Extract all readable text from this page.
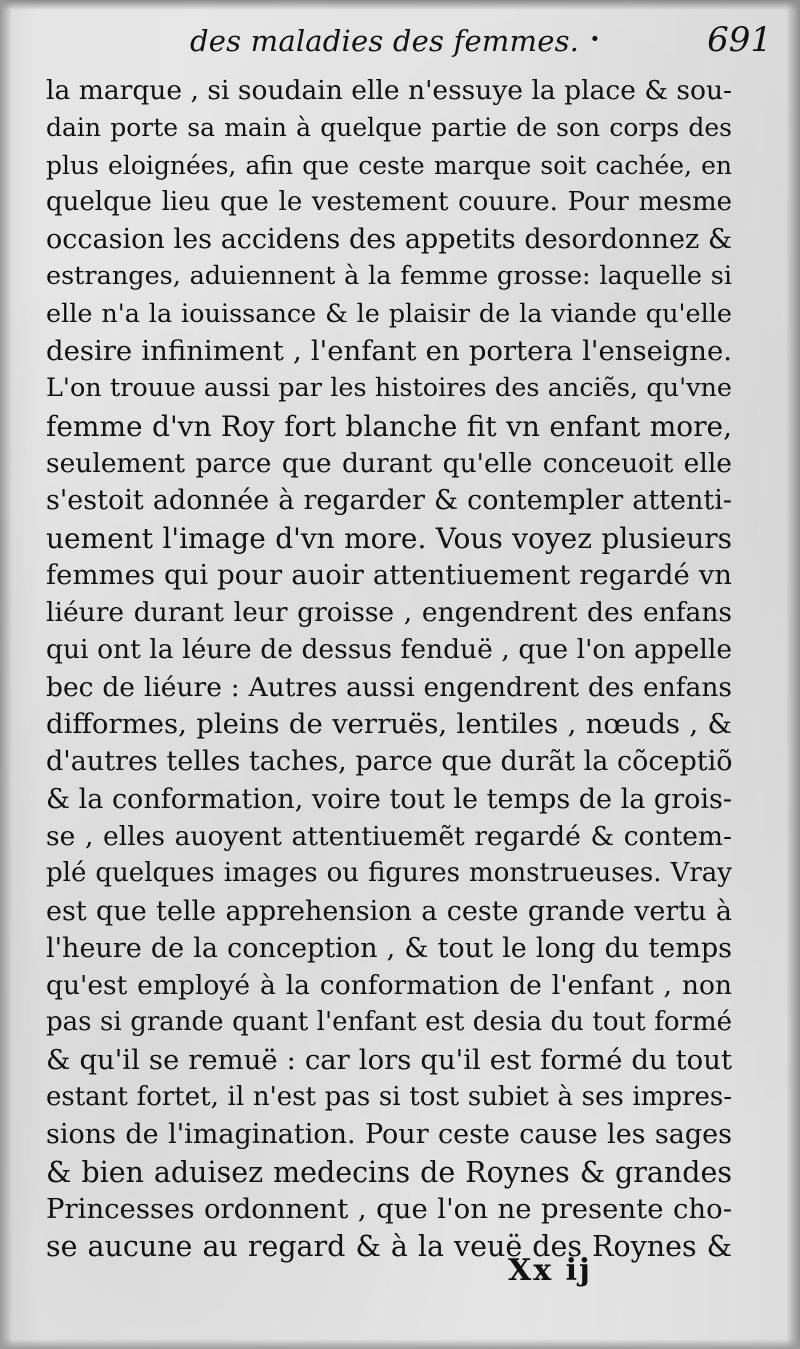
des maladies des femmes. ·	691
la marque , si soudain elle n'essuye la place & sou-
dain porte sa main à quelque partie de son corps des
plus eloignées, afin que ceste marque soit cachée, en
quelque lieu que le vestement couure. Pour mesme
occasion les accidens des appetits desordonnez &
estranges, aduiennent à la femme grosse: laquelle si
elle n'a la iouissance & le plaisir de la viande qu'elle
desire infiniment , l'enfant en portera l'enseigne.
L'on trouue aussi par les histoires des anciẽs, qu'vne
femme d'vn Roy fort blanche fit vn enfant more,
seulement parce que durant qu'elle conceuoit elle
s'estoit adonnée à regarder & contempler attenti-
uement l'image d'vn more. Vous voyez plusieurs
femmes qui pour auoir attentiuement regardé vn
liéure durant leur groisse , engendrent des enfans
qui ont la léure de dessus fenduë , que l'on appelle
bec de liéure : Autres aussi engendrent des enfans
difformes, pleins de verruës, lentiles , nœuds , &
d'autres telles taches, parce que durãt la cõceptiõ
& la conformation, voire tout le temps de la grois-
se , elles auoyent attentiuemẽt regardé & contem-
plé quelques images ou figures monstrueuses. Vray
est que telle apprehension a ceste grande vertu à
l'heure de la conception , & tout le long du temps
qu'est employé à la conformation de l'enfant , non
pas si grande quant l'enfant est desia du tout formé
& qu'il se remuë : car lors qu'il est formé du tout
estant fortet, il n'est pas si tost subiet à ses impres-
sions de l'imagination. Pour ceste cause les sages
& bien aduisez medecins de Roynes & grandes
Princesses ordonnent , que l'on ne presente cho-
se aucune au regard & à la veuë des Roynes &
Xx ij
